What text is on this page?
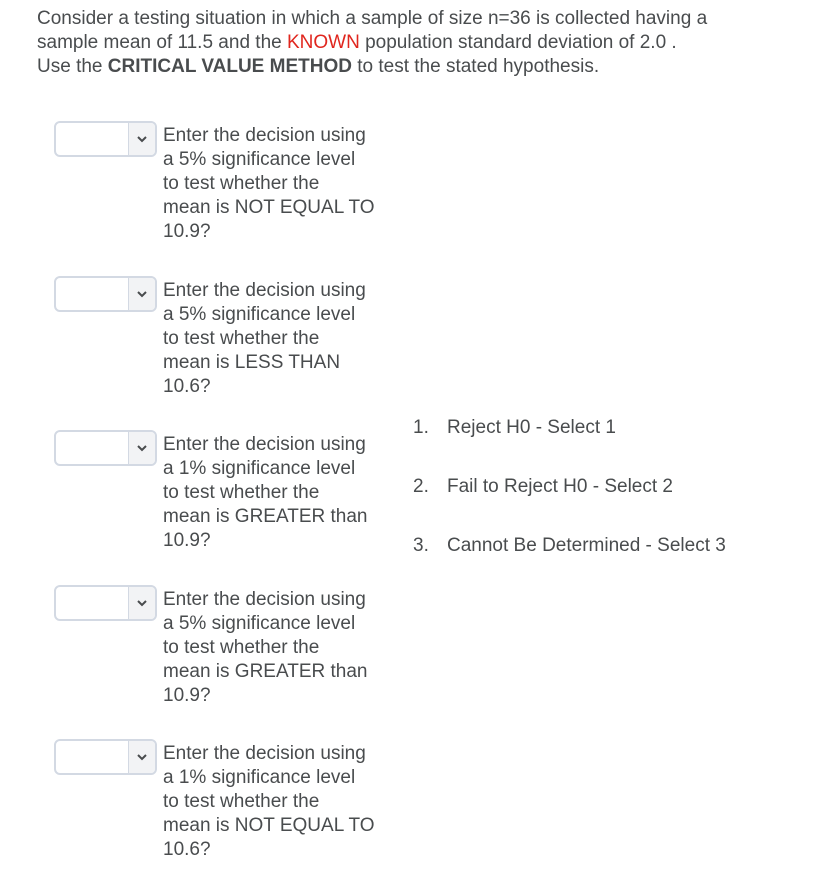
Consider a testing situation in which a sample of size n=36 is collected having a
sample mean of 11.5 and the KNOWN population standard deviation of 2.0 .
Use the CRITICAL VALUE METHOD to test the stated hypothesis.
Enter the decision using
a 5% significance level
to test whether the
mean is NOT EQUAL TO
10.9?
Enter the decision using
a 5% significance level
to test whether the
mean is LESS THAN
10.6?
Enter the decision using
a 1% significance level
to test whether the
mean is GREATER than
10.9?
Enter the decision using
a 5% significance level
to test whether the
mean is GREATER than
10.9?
Enter the decision using
a 1% significance level
to test whether the
mean is NOT EQUAL TO
10.6?
1. Reject H0 - Select 1
2. Fail to Reject H0 - Select 2
3. Cannot Be Determined - Select 3
